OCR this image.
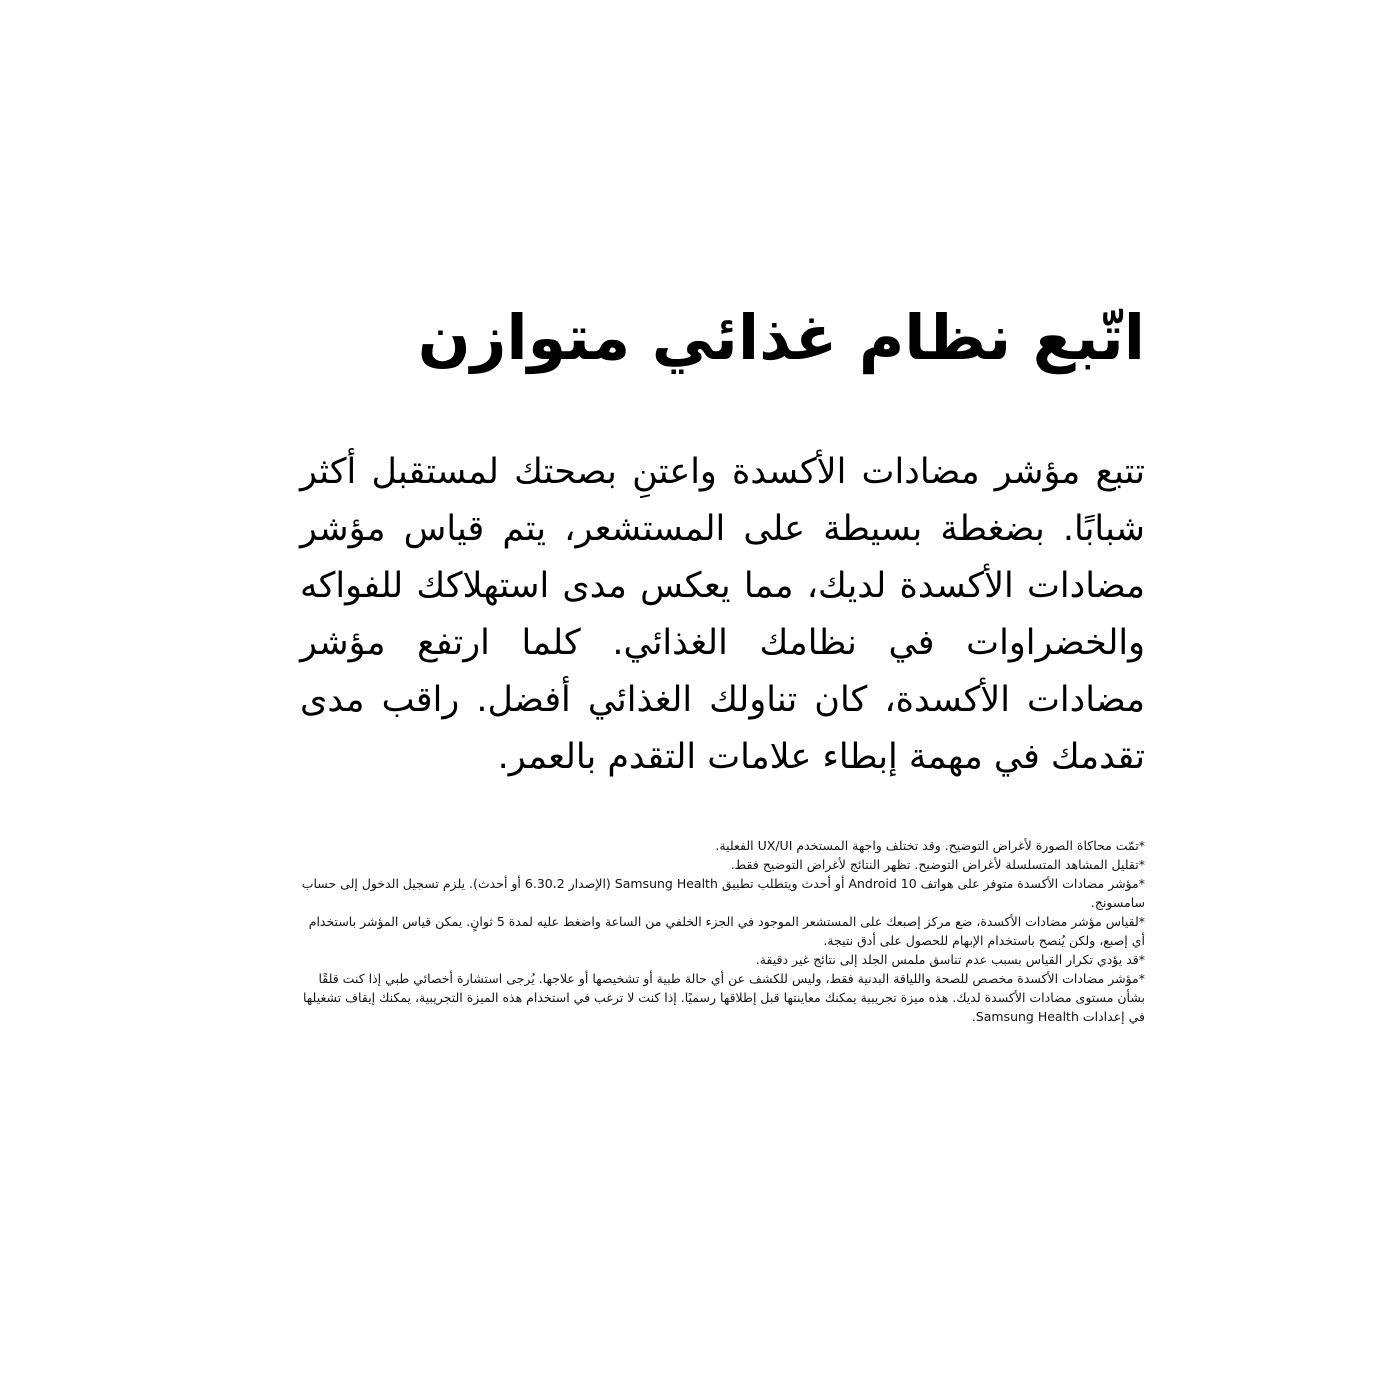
اتّبع نظام غذائي متوازن

تتبع مؤشر مضادات الأكسدة واعتنِ بصحتك لمستقبل أكثر شبابًا. بضغطة بسيطة على المستشعر، يتم قياس مؤشر مضادات الأكسدة لديك، مما يعكس مدى استهلاكك للفواكه والخضراوات في نظامك الغذائي. كلما ارتفع مؤشر مضادات الأكسدة، كان تناولك الغذائي أفضل. راقب مدى تقدمك في مهمة إبطاء علامات التقدم بالعمر.

*تمّت محاكاة الصورة لأغراض التوضيح. وقد تختلف واجهة المستخدم UX/UI الفعلية.
*تقليل المشاهد المتسلسلة لأغراض التوضيح. تظهر النتائج لأغراض التوضيح فقط.
*مؤشر مضادات الأكسدة متوفر على هواتف Android 10 أو أحدث ويتطلب تطبيق Samsung Health (الإصدار 6.30.2 أو أحدث). يلزم تسجيل الدخول إلى حساب سامسونج.
*لقياس مؤشر مضادات الأكسدة، ضع مركز إصبعك على المستشعر الموجود في الجزء الخلفي من الساعة واضغط عليه لمدة 5 ثوانٍ. يمكن قياس المؤشر باستخدام أي إصبع، ولكن يُنصح باستخدام الإبهام للحصول على أدق نتيجة.
*قد يؤدي تكرار القياس بسبب عدم تناسق ملمس الجلد إلى نتائج غير دقيقة.
*مؤشر مضادات الأكسدة مخصص للصحة واللياقة البدنية فقط، وليس للكشف عن أي حالة طبية أو تشخيصها أو علاجها. يُرجى استشارة أخصائي طبي إذا كنت قلقًا بشأن مستوى مضادات الأكسدة لديك. هذه ميزة تجريبية يمكنك معاينتها قبل إطلاقها رسميًا. إذا كنت لا ترغب في استخدام هذه الميزة التجريبية، يمكنك إيقاف تشغيلها في إعدادات Samsung Health.
